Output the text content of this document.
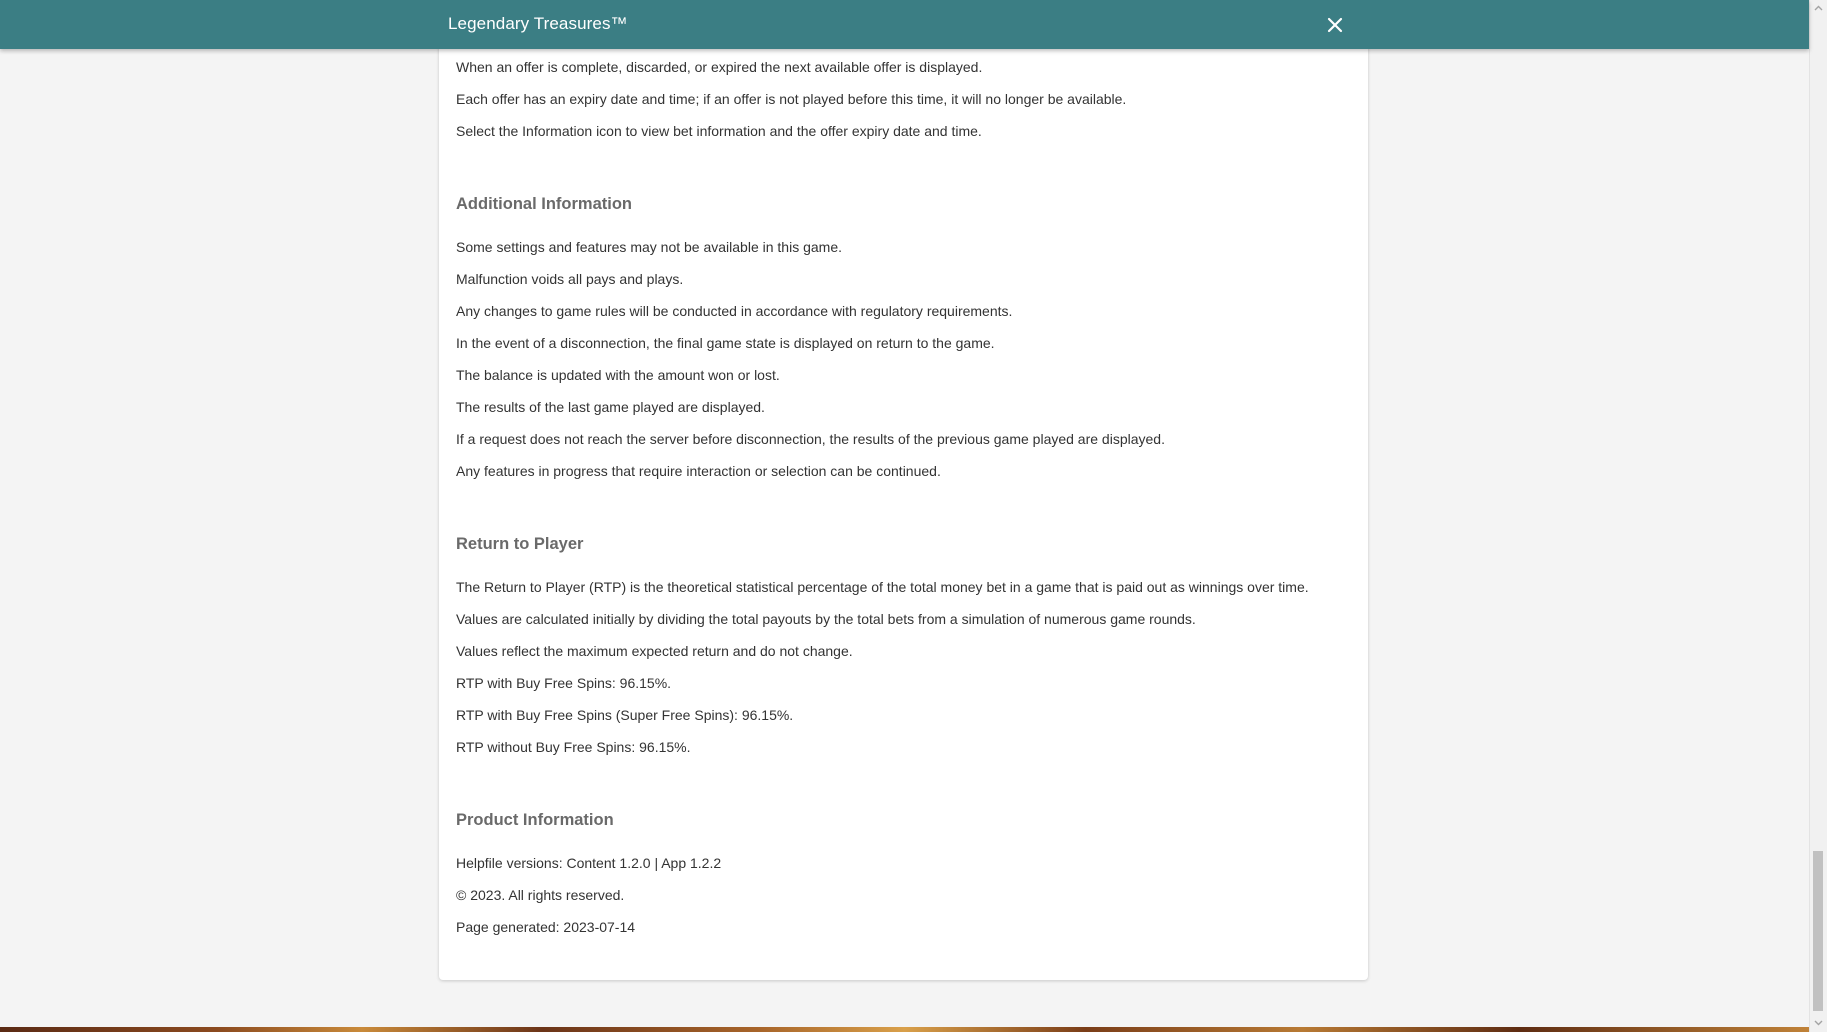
When an offer is complete, discarded, or expired the next available offer is displayed.

Each offer has an expiry date and time; if an offer is not played before this time, it will no longer be available.

Select the Information icon to view bet information and the offer expiry date and time.

Additional Information

Some settings and features may not be available in this game.

Malfunction voids all pays and plays.

Any changes to game rules will be conducted in accordance with regulatory requirements.

In the event of a disconnection, the final game state is displayed on return to the game.

The balance is updated with the amount won or lost.

The results of the last game played are displayed.

If a request does not reach the server before disconnection, the results of the previous game played are displayed.

Any features in progress that require interaction or selection can be continued.

Return to Player

The Return to Player (RTP) is the theoretical statistical percentage of the total money bet in a game that is paid out as winnings over time.

Values are calculated initially by dividing the total payouts by the total bets from a simulation of numerous game rounds.

Values reflect the maximum expected return and do not change.

RTP with Buy Free Spins: 96.15%.

RTP with Buy Free Spins (Super Free Spins): 96.15%.

RTP without Buy Free Spins: 96.15%.

Product Information

Helpfile versions: Content 1.2.0 | App 1.2.2

© 2023. All rights reserved.

Page generated: 2023-07-14

Legendary Treasures™
